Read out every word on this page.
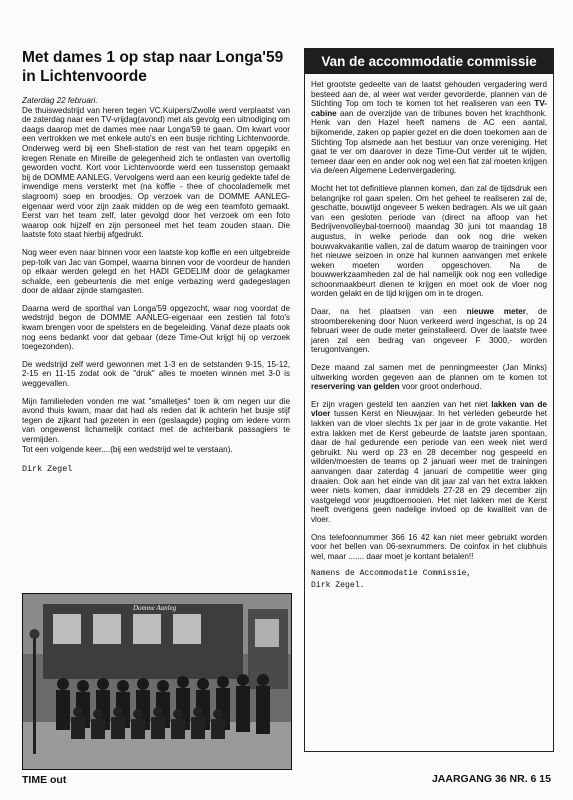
Met dames 1 op stap naar Longa'59 in Lichtenvoorde

Zaterdag 22 februari.
De thuiswedstrijd van heren tegen VC.Kuipers/Zwolle werd verplaatst van de zaterdag naar een TV-vrijdag(avond) met als gevolg een uitnodiging om daags daarop met de dames mee naar Longa'59 te gaan. Om kwart voor een vertrokken we met enkele auto's en een busje richting Lichtenvoorde. Onderweg werd bij een Shell-station de rest van het team opgepikt en kregen Renate en Mireille de gelegenheid zich te ontlasten van overtollig geworden vocht. Kort voor Lichtenvoorde werd een tussenstop gemaakt bij de DOMME AANLEG. Vervolgens werd aan een keurig gedekte tafel de inwendige mens versterkt met (na koffie - thee of chocolademelk met slagroom) soep en broodjes. Op verzoek van de DOMME AANLEG-eigenaar werd voor zijn zaak midden op de weg een teamfoto gemaakt. Eerst van het team zelf, later gevolgd door het verzoek om een foto waarop ook hijzelf en zijn personeel met het team zouden staan. Die laatste foto staat hierbij afgedrukt.

Nog weer even naar binnen voor een laatste kop koffie en een uitgebreide pep-tolk van Jac van Gompel, waarna binnen voor de voordeur de handen op elkaar werden gelegd en het HADI GEDELIM door de gelagkamer schalde, een gebeurtenis die met enige verbazing werd gadegeslagen door de aldaar zijnde stamgasten.

Daarna werd de sporthal van Longa'59 opgezocht, waar nog voordat de wedstrijd begon de DOMME AANLEG-eigenaar een zestien tal foto's kwam brengen voor de spelsters en de begeleiding. Vanaf deze plaats ook nog eens bedankt voor dat gebaar (deze Time-Out krijgt hij op verzoek toegezonden).

De wedstrijd zelf werd gewonnen met 1-3 en de setstanden 9-15, 15-12, 2-15 en 11-15 zodat ook de "druk" alles te moeten winnen met 3-0 is weggevallen.

Mijn familieleden vonden me wat "smalletjes" toen ik om negen uur die avond thuis kwam, maar dat had als reden dat ik achterin het busje stijf tegen de zijkant had gezeten in een (geslaagde) poging om iedere vorm van ongewenst lichamelijk contact met de achterbank passagiers te vermijden.
Tot een volgende keer....(bij een wedstrijd wel te verstaan).

Dirk Zegel

Domme Aanleg
Van de accommodatie commissie

Het grootste gedeelte van de laatst gehouden vergadering werd besteed aan de, al weer wat verder gevorderde, plannen van de Stichting Top om toch te komen tot het realiseren van een TV-cabine aan de overzijde van de tribunes boven het krachthonk. Henk van den Hazel heeft namens de AC een aantal, bijkomende, zaken op papier gezet en die doen toekomen aan de Stichting Top alsmede aan het bestuur van onze vereniging. Het gaat te ver om daarover in deze Time-Out verder uit te wijden, temeer daar een en ander ook nog wel een fiat zal moeten krijgen via de/een Algemene Ledenvergadering.

Mocht het tot definitieve plannen komen, dan zal de tijdsdruk een belangrijke rol gaan spelen. Om het geheel te realiseren zal de, geschatte, bouwtijd ongeveer 5 weken bedragen. Als we uit gaan van een gesloten periode van (direct na afloop van het Bedrijvenvolleybal-toernooi) maandag 30 juni tot maandag 18 augustus, in welke periode dan ook nog drie weken bouwvakvakantie vallen, zal de datum waarop de trainingen voor het nieuwe seizoen in onze hal kunnen aanvangen met enkele weken moeten worden opgeschoven. Na de bouwwerkzaamheden zal de hal namelijk ook nog een volledige schoonmaakbeurt dienen te krijgen en moet ook de vloer nog worden gelakt en de tijd krijgen om in te drogen.

Daar, na het plaatsen van een nieuwe meter, de stroomberekening door Nuon verkeerd werd ingeschat, is op 24 februari weer de oude meter geïnstalleerd. Over de laatste twee jaren zal een bedrag van ongeveer F 3000,- worden terugontvangen.

Deze maand zal samen met de penningmeester (Jan Minks) uitwerking worden gegeven aan de plannen om te komen tot reservering van gelden voor groot onderhoud.

Er zijn vragen gesteld ten aanzien van het niet lakken van de vloer tussen Kerst en Nieuwjaar. In het verleden gebeurde het lakken van de vloer slechts 1x per jaar in de grote vakantie. Het extra lakken met de Kerst gebeurde de laatste jaren spontaan, daar de hal gedurende een periode van een week niet werd gebruikt. Nu werd op 23 en 28 december nog gespeeld en wilden/moesten de teams op 2 januari weer met de trainingen aanvangen daar zaterdag 4 januari de competitie weer ging draaien. Ook aan het einde van dit jaar zal van het extra lakken weer niets komen, daar inmiddels 27-28 en 29 december zijn vastgelegd voor jeugdtoernooien. Het niet lakken met de Kerst heeft overigens geen nadelige invloed op de kwaliteit van de vloer.

Ons telefoonnummer 366 16 42 kan niet meer gebruikt worden voor het bellen van 06-sexnummers. De coinfox in het clubhuis wel, maar ....... daar moet je kontant betalen!!

Namens de Accommodatie Commissie,

Dirk Zegel.

TIME out	JAARGANG 36 NR. 6 15
